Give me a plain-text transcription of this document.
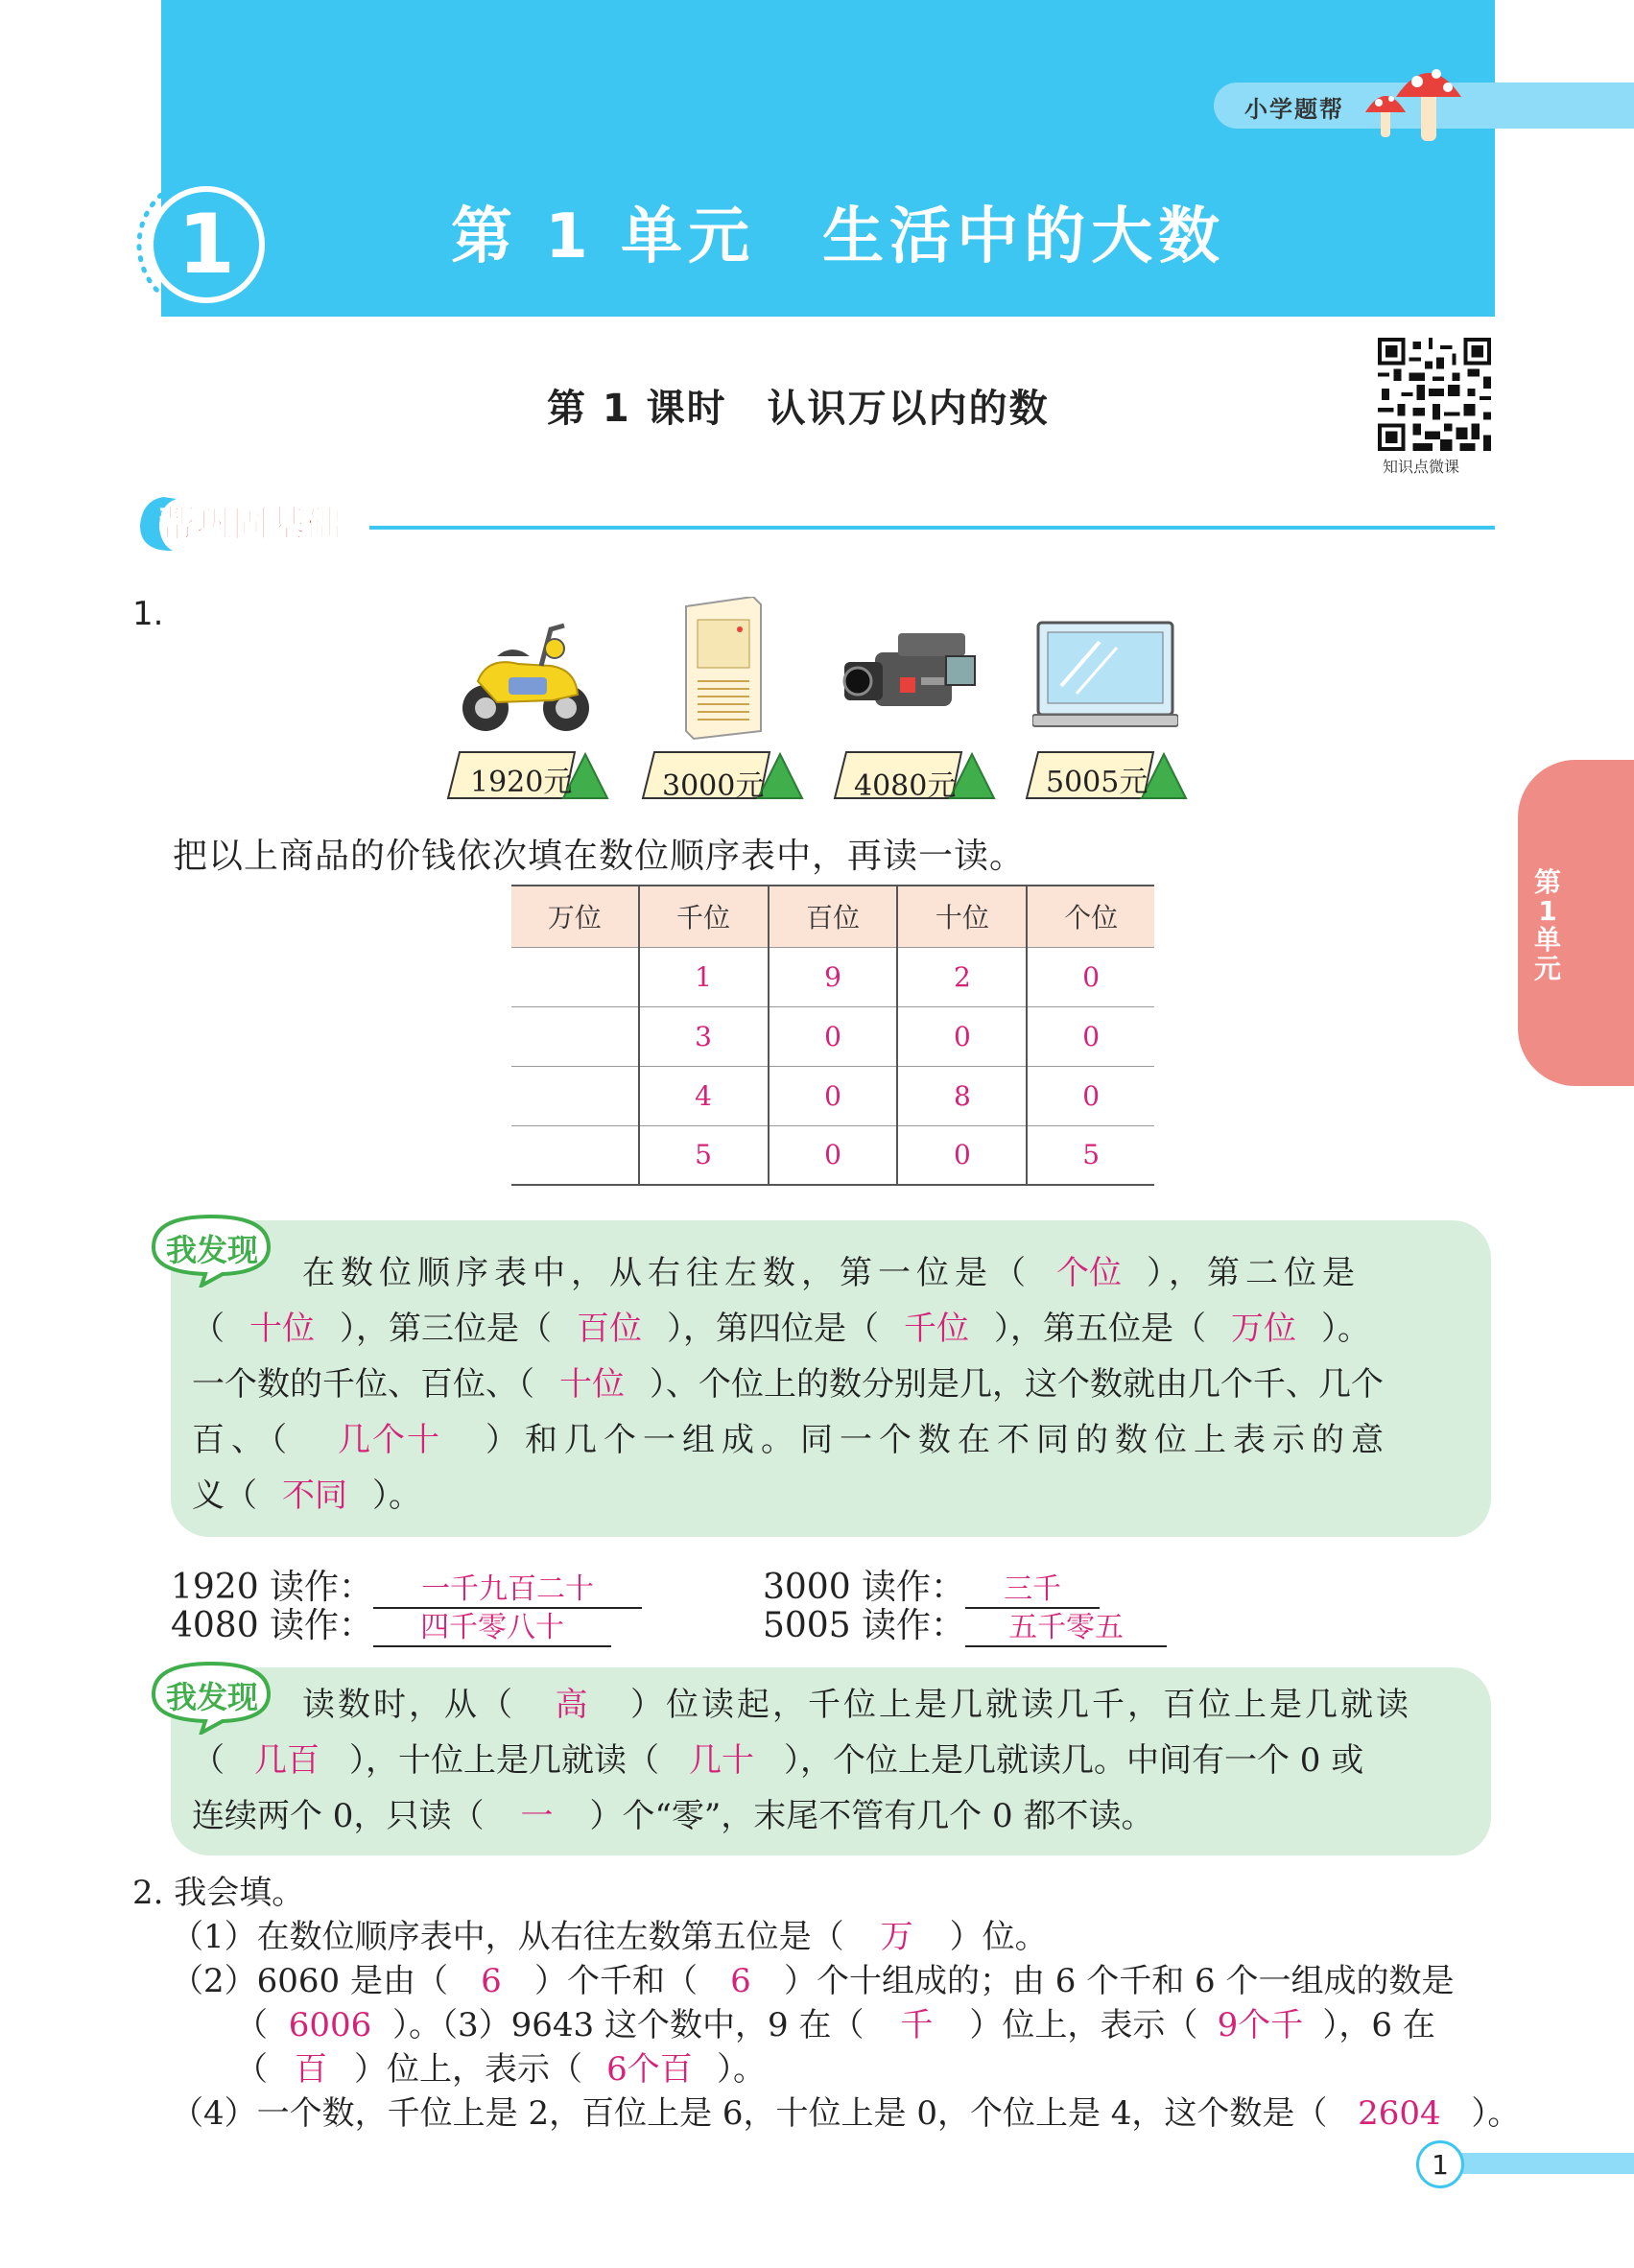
小学题帮
1	第 1 单元　生活中的大数
第 1 课时　认识万以内的数
知识点微课
帮巩固基础
第1单元
1.
1920元	3000元	4080元	5005元
把以上商品的价钱依次填在数位顺序表中，再读一读。
万位	千位	百位	十位	个位
	1	9	2	0
	3	0	0	0
	4	0	8	0
	5	0	0	5
我发现
在数位顺序表中，从右往左数，第一位是（ 个位 ），第二位是
（ 十位 ），第三位是（ 百位 ），第四位是（ 千位 ），第五位是（ 万位 ）。
一个数的千位、百位、（ 十位 ）、个位上的数分别是几，这个数就由几个千、几个
百、（ 几个十 ）和几个一组成。同一个数在不同的数位上表示的意
义（ 不同 ）。
1920 读作： 一千九百二十	3000 读作： 三千
4080 读作： 四千零八十	5005 读作： 五千零五
我发现	读数时，从（ 高 ）位读起，千位上是几就读几千，百位上是几就读
（ 几百 ），十位上是几就读（ 几十 ），个位上是几就读几。中间有一个 0 或
连续两个 0，只读（ 一 ）个“零”，末尾不管有几个 0 都不读。
2. 我会填。
（1）在数位顺序表中，从右往左数第五位是（ 万 ）位。
（2）6060 是由（ 6 ）个千和（ 6 ）个十组成的；由 6 个千和 6 个一组成的数是
（ 6006 ）。（3）9643 这个数中，9 在（ 千 ）位上，表示（ 9个千 ），6 在
（ 百 ）位上，表示（ 6个百 ）。
（4）一个数，千位上是 2，百位上是 6，十位上是 0，个位上是 4，这个数是（ 2604 ）。
1
